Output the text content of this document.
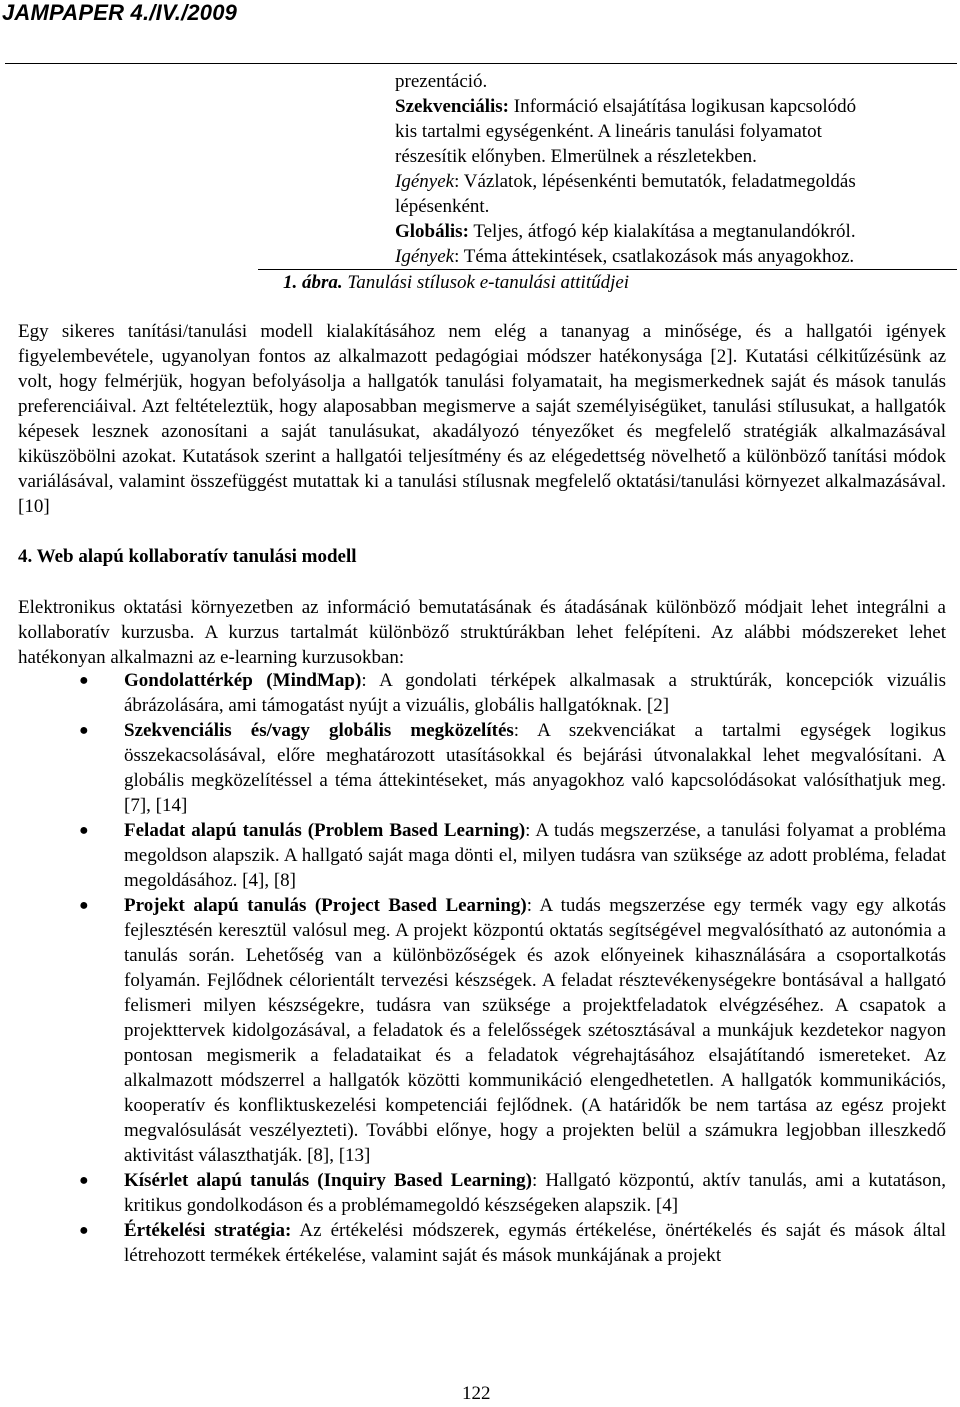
JAMPAPER 4./IV./2009
prezentáció.
Szekvenciális: Információ elsajátítása logikusan kapcsolódó
kis tartalmi egységenként. A lineáris tanulási folyamatot
részesítik előnyben. Elmerülnek a részletekben.
Igények: Vázlatok, lépésenkénti bemutatók, feladatmegoldás
lépésenként.
Globális: Teljes, átfogó kép kialakítása a megtanulandókról.
Igények: Téma áttekintések, csatlakozások más anyagokhoz.
1. ábra. Tanulási stílusok e-tanulási attitűdjei
Egy sikeres tanítási/tanulási modell kialakításához nem elég a tananyag a minősége, és a hallgatói igények figyelembevétele, ugyanolyan fontos az alkalmazott pedagógiai módszer hatékonysága [2]. Kutatási célkitűzésünk az volt, hogy felmérjük, hogyan befolyásolja a hallgatók tanulási folyamatait, ha megismerkednek saját és mások tanulás preferenciáival. Azt feltételeztük, hogy alaposabban megismerve a saját személyiségüket, tanulási stílusukat, a hallgatók képesek lesznek azonosítani a saját tanulásukat, akadályozó tényezőket és megfelelő stratégiák alkalmazásával kiküszöbölni azokat. Kutatások szerint a hallgatói teljesítmény és az elégedettség növelhető a különböző tanítási módok variálásával, valamint összefüggést mutattak ki a tanulási stílusnak megfelelő oktatási/tanulási környezet alkalmazásával. [10]
4. Web alapú kollaboratív tanulási modell
Elektronikus oktatási környezetben az információ bemutatásának és átadásának különböző módjait lehet integrálni a kollaboratív kurzusba. A kurzus tartalmát különböző struktúrákban lehet felépíteni. Az alábbi módszereket lehet hatékonyan alkalmazni az e-learning kurzusokban:
● Gondolattérkép (MindMap): A gondolati térképek alkalmasak a struktúrák, koncepciók vizuális ábrázolására, ami támogatást nyújt a vizuális, globális hallgatóknak. [2]
● Szekvenciális és/vagy globális megközelítés: A szekvenciákat a tartalmi egységek logikus összekacsolásával, előre meghatározott utasításokkal és bejárási útvonalakkal lehet megvalósítani. A globális megközelítéssel a téma áttekintéseket, más anyagokhoz való kapcsolódásokat valósíthatjuk meg. [7], [14]
● Feladat alapú tanulás (Problem Based Learning): A tudás megszerzése, a tanulási folyamat a probléma megoldson alapszik. A hallgató saját maga dönti el, milyen tudásra van szüksége az adott probléma, feladat megoldásához. [4], [8]
● Projekt alapú tanulás (Project Based Learning): A tudás megszerzése egy termék vagy egy alkotás fejlesztésén keresztül valósul meg. A projekt központú oktatás segítségével megvalósítható az autonómia a tanulás során. Lehetőség van a különbözőségek és azok előnyeinek kihasználására a csoportalkotás folyamán. Fejlődnek célorientált tervezési készségek. A feladat résztevékenységekre bontásával a hallgató felismeri milyen készségekre, tudásra van szüksége a projektfeladatok elvégzéséhez. A csapatok a projekttervek kidolgozásával, a feladatok és a felelősségek szétosztásával a munkájuk kezdetekor nagyon pontosan megismerik a feladataikat és a feladatok végrehajtásához elsajátítandó ismereteket. Az alkalmazott módszerrel a hallgatók közötti kommunikáció elengedhetetlen. A hallgatók kommunikációs, kooperatív és konfliktuskezelési kompetenciái fejlődnek. (A határidők be nem tartása az egész projekt megvalósulását veszélyezteti). További előnye, hogy a projekten belül a számukra legjobban illeszkedő aktivitást választhatják. [8], [13]
● Kísérlet alapú tanulás (Inquiry Based Learning): Hallgató központú, aktív tanulás, ami a kutatáson, kritikus gondolkodáson és a problémamegoldó készségeken alapszik. [4]
● Értékelési stratégia: Az értékelési módszerek, egymás értékelése, önértékelés és saját és mások által létrehozott termékek értékelése, valamint saját és mások munkájának a projekt
122
